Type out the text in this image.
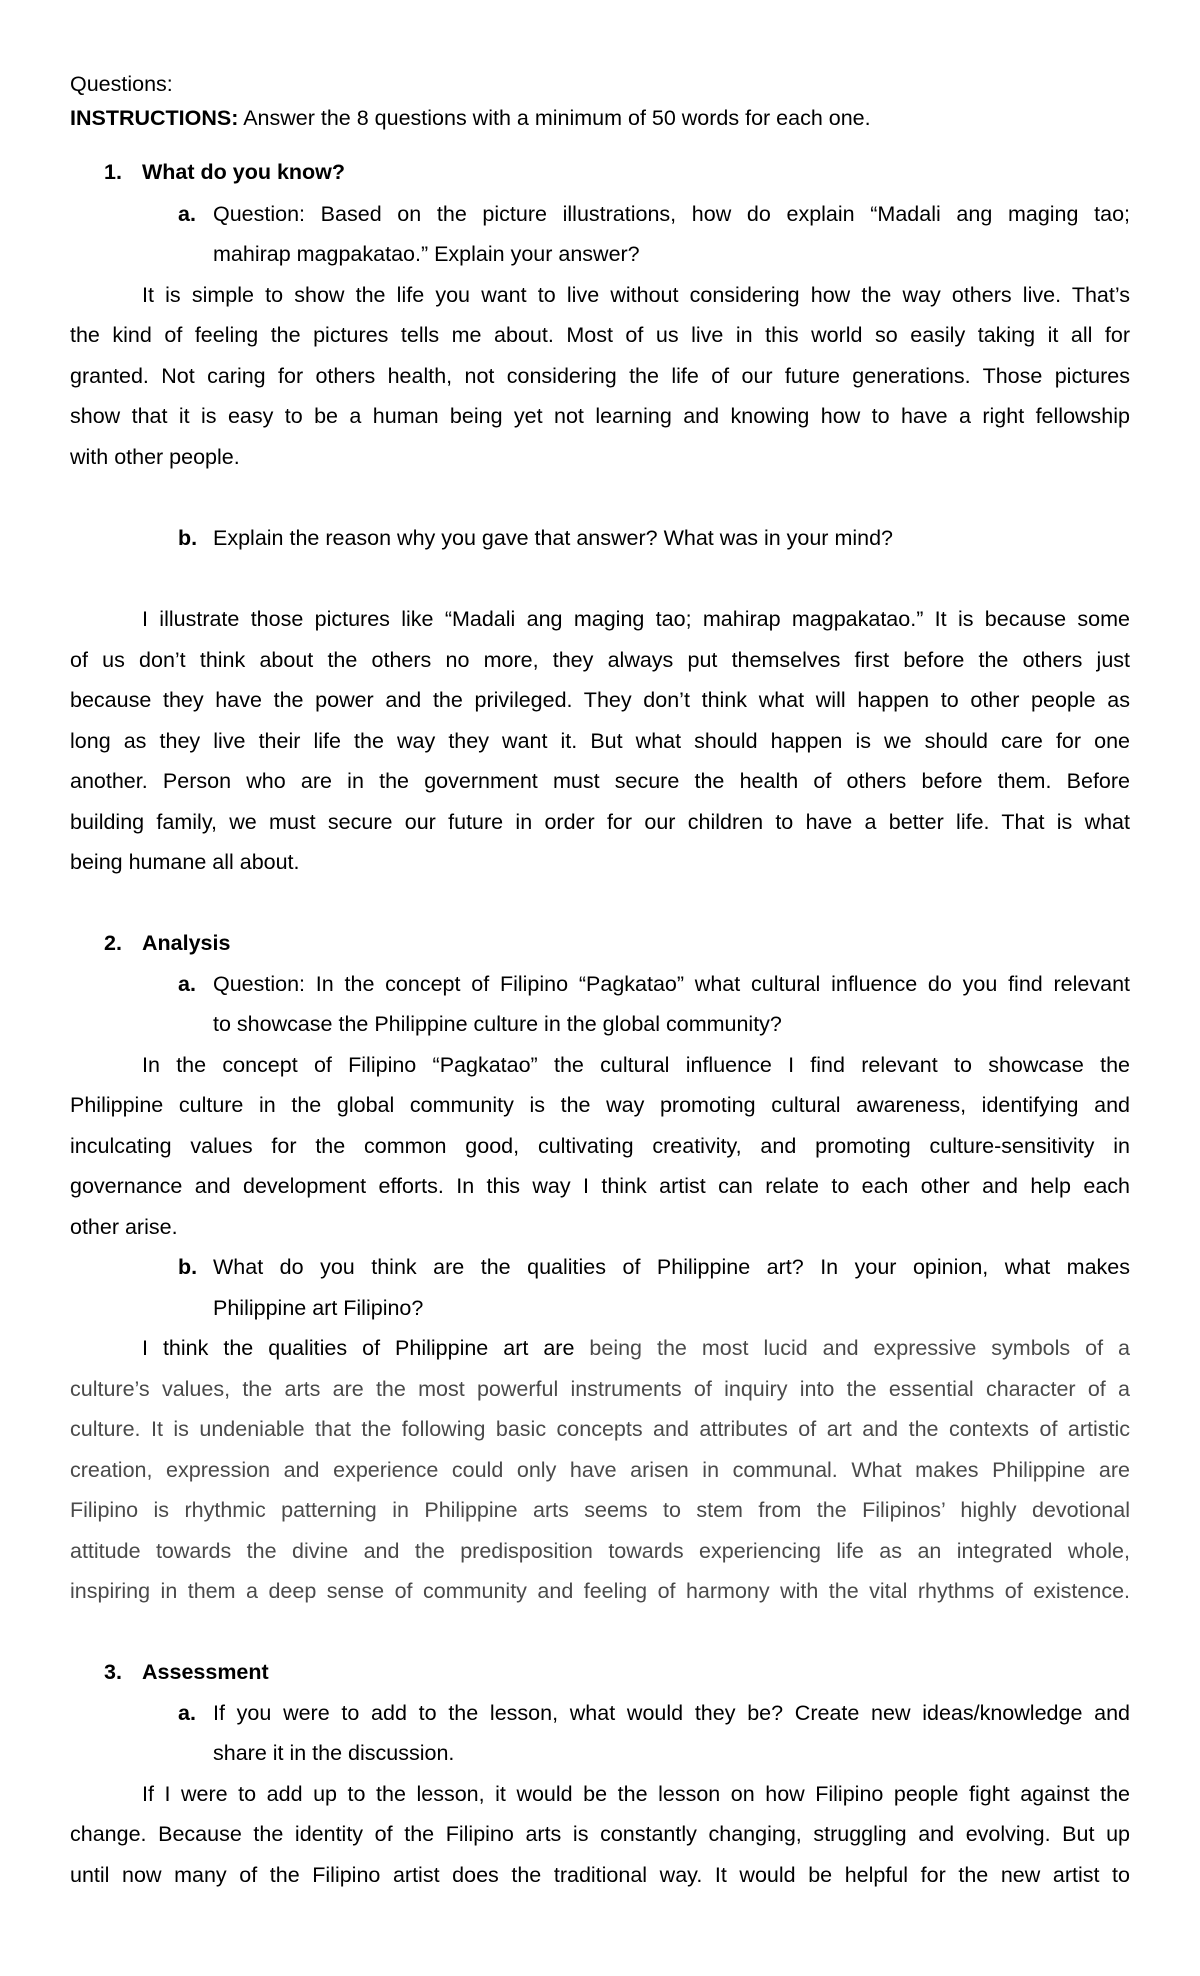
Questions:
INSTRUCTIONS: Answer the 8 questions with a minimum of 50 words for each one.
1. What do you know?
a. Question: Based on the picture illustrations, how do explain “Madali ang maging tao;
mahirap magpakatao.” Explain your answer?
It is simple to show the life you want to live without considering how the way others live. That’s
the kind of feeling the pictures tells me about. Most of us live in this world so easily taking it all for
granted. Not caring for others health, not considering the life of our future generations. Those pictures
show that it is easy to be a human being yet not learning and knowing how to have a right fellowship
with other people.
b. Explain the reason why you gave that answer? What was in your mind?
I illustrate those pictures like “Madali ang maging tao; mahirap magpakatao.” It is because some
of us don’t think about the others no more, they always put themselves first before the others just
because they have the power and the privileged. They don’t think what will happen to other people as
long as they live their life the way they want it. But what should happen is we should care for one
another. Person who are in the government must secure the health of others before them. Before
building family, we must secure our future in order for our children to have a better life. That is what
being humane all about.
2. Analysis
a. Question: In the concept of Filipino “Pagkatao” what cultural influence do you find relevant
to showcase the Philippine culture in the global community?
In the concept of Filipino “Pagkatao” the cultural influence I find relevant to showcase the
Philippine culture in the global community is the way promoting cultural awareness, identifying and
inculcating values for the common good, cultivating creativity, and promoting culture-sensitivity in
governance and development efforts. In this way I think artist can relate to each other and help each
other arise.
b. What do you think are the qualities of Philippine art? In your opinion, what makes
Philippine art Filipino?
I think the qualities of Philippine art are being the most lucid and expressive symbols of a
culture’s values, the arts are the most powerful instruments of inquiry into the essential character of a
culture. It is undeniable that the following basic concepts and attributes of art and the contexts of artistic
creation, expression and experience could only have arisen in communal. What makes Philippine are
Filipino is rhythmic patterning in Philippine arts seems to stem from the Filipinos’ highly devotional
attitude towards the divine and the predisposition towards experiencing life as an integrated whole,
inspiring in them a deep sense of community and feeling of harmony with the vital rhythms of existence.
3. Assessment
a. If you were to add to the lesson, what would they be? Create new ideas/knowledge and
share it in the discussion.
If I were to add up to the lesson, it would be the lesson on how Filipino people fight against the
change. Because the identity of the Filipino arts is constantly changing, struggling and evolving. But up
until now many of the Filipino artist does the traditional way. It would be helpful for the new artist to
